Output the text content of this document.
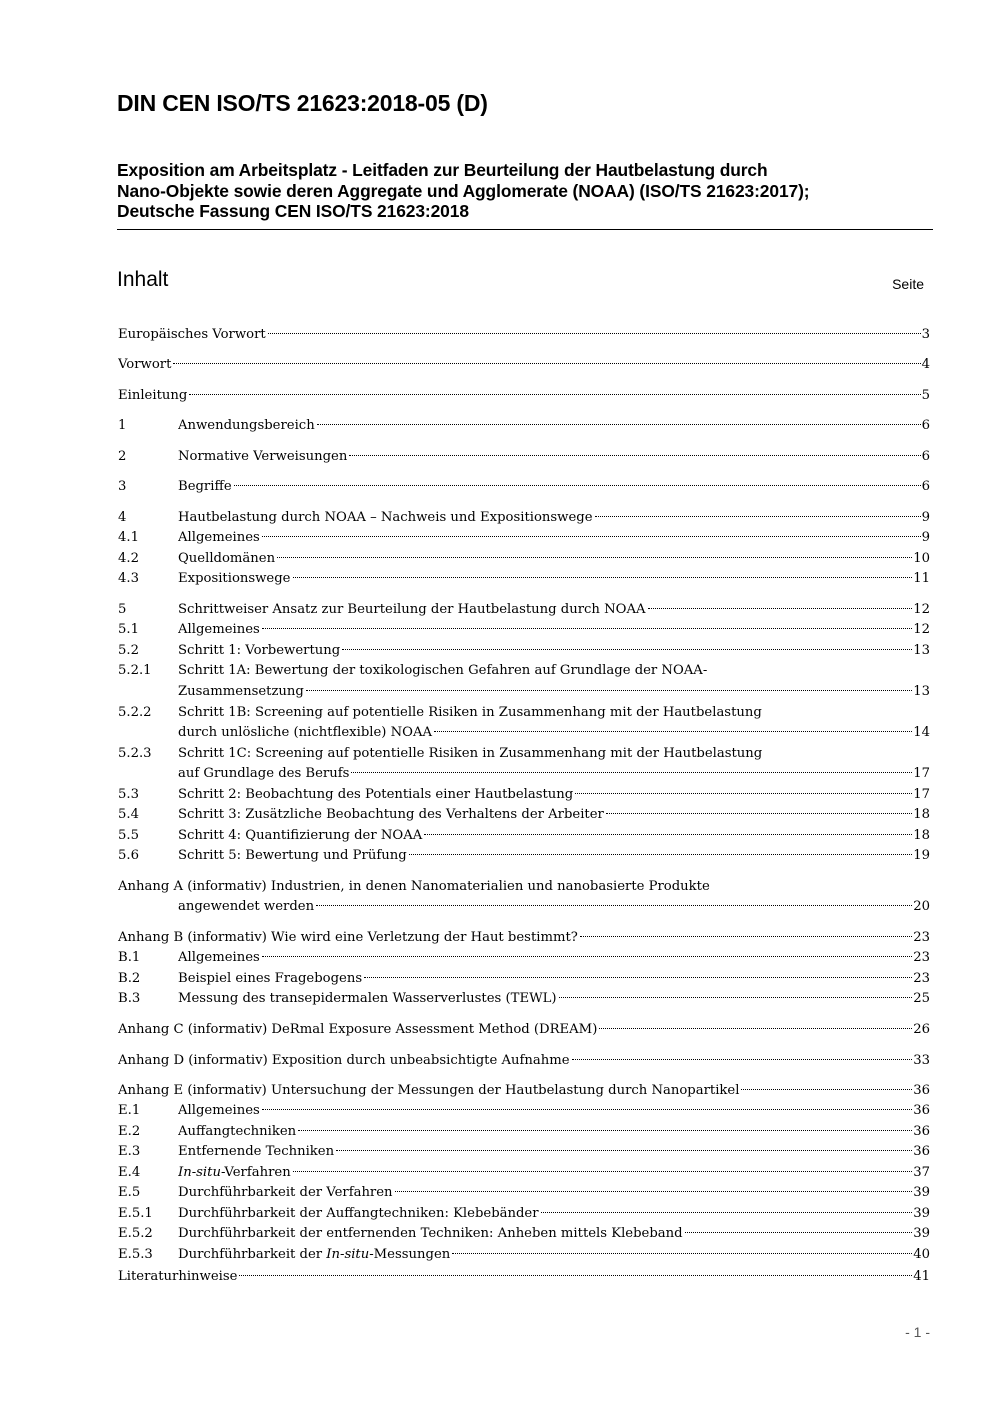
DIN CEN ISO/TS 21623:2018-05 (D)
Exposition am Arbeitsplatz - Leitfaden zur Beurteilung der Hautbelastung durch
Nano-Objekte sowie deren Aggregate und Agglomerate (NOAA) (ISO/TS 21623:2017);
Deutsche Fassung CEN ISO/TS 21623:2018
Inhalt	Seite
Europäisches Vorwort	3
Vorwort	4
Einleitung	5
1	Anwendungsbereich	6
2	Normative Verweisungen	6
3	Begriffe	6
4	Hautbelastung durch NOAA – Nachweis und Expositionswege	9
4.1	Allgemeines	9
4.2	Quelldomänen	10
4.3	Expositionswege	11
5	Schrittweiser Ansatz zur Beurteilung der Hautbelastung durch NOAA	12
5.1	Allgemeines	12
5.2	Schritt 1: Vorbewertung	13
5.2.1	Schritt 1A: Bewertung der toxikologischen Gefahren auf Grundlage der NOAA-
Zusammensetzung	13
5.2.2	Schritt 1B: Screening auf potentielle Risiken in Zusammenhang mit der Hautbelastung
durch unlösliche (nichtflexible) NOAA	14
5.2.3	Schritt 1C: Screening auf potentielle Risiken in Zusammenhang mit der Hautbelastung
auf Grundlage des Berufs	17
5.3	Schritt 2: Beobachtung des Potentials einer Hautbelastung	17
5.4	Schritt 3: Zusätzliche Beobachtung des Verhaltens der Arbeiter	18
5.5	Schritt 4: Quantifizierung der NOAA	18
5.6	Schritt 5: Bewertung und Prüfung	19
Anhang A (informativ) Industrien, in denen Nanomaterialien und nanobasierte Produkte
angewendet werden	20
Anhang B (informativ) Wie wird eine Verletzung der Haut bestimmt?	23
B.1	Allgemeines	23
B.2	Beispiel eines Fragebogens	23
B.3	Messung des transepidermalen Wasserverlustes (TEWL)	25
Anhang C (informativ) DeRmal Exposure Assessment Method (DREAM)	26
Anhang D (informativ) Exposition durch unbeabsichtigte Aufnahme	33
Anhang E (informativ) Untersuchung der Messungen der Hautbelastung durch Nanopartikel	36
E.1	Allgemeines	36
E.2	Auffangtechniken	36
E.3	Entfernende Techniken	36
E.4	In-situ-Verfahren	37
E.5	Durchführbarkeit der Verfahren	39
E.5.1	Durchführbarkeit der Auffangtechniken: Klebebänder	39
E.5.2	Durchführbarkeit der entfernenden Techniken: Anheben mittels Klebeband	39
E.5.3	Durchführbarkeit der In-situ-Messungen	40
Literaturhinweise	41
- 1 -
